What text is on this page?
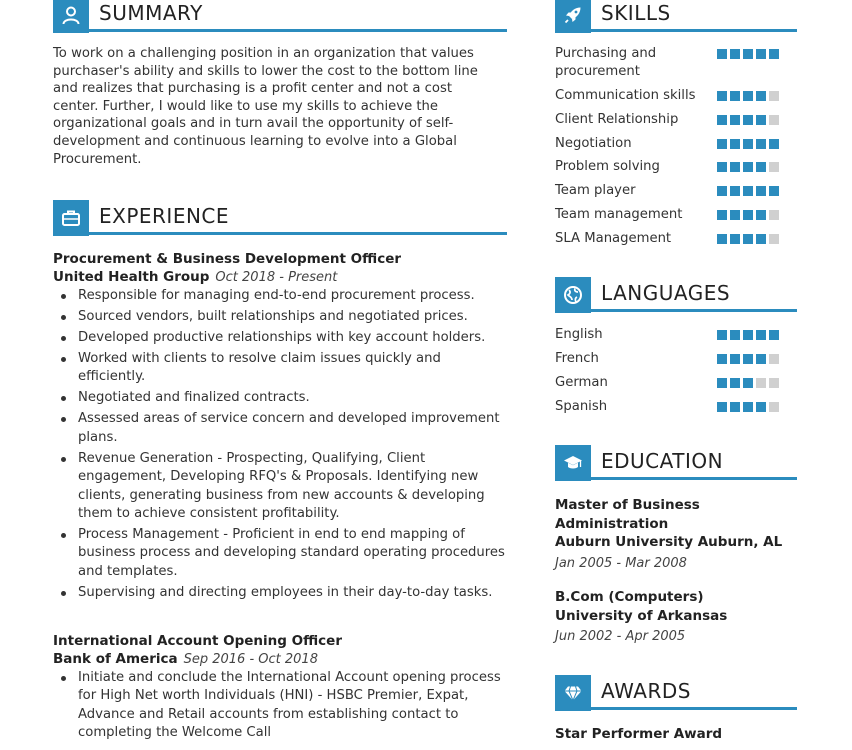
SUMMARY
To work on a challenging position in an organization that values purchaser's ability and skills to lower the cost to the bottom line and realizes that purchasing is a profit center and not a cost center. Further, I would like to use my skills to achieve the organizational goals and in turn avail the opportunity of self-development and continuous learning to evolve into a Global Procurement.
EXPERIENCE
Procurement & Business Development Officer
United Health Group Oct 2018 - Present
Responsible for managing end-to-end procurement process.
Sourced vendors, built relationships and negotiated prices.
Developed productive relationships with key account holders.
Worked with clients to resolve claim issues quickly and efficiently.
Negotiated and finalized contracts.
Assessed areas of service concern and developed improvement plans.
Revenue Generation - Prospecting, Qualifying, Client engagement, Developing RFQ's & Proposals. Identifying new clients, generating business from new accounts & developing them to achieve consistent profitability.
Process Management - Proficient in end to end mapping of business process and developing standard operating procedures and templates.
Supervising and directing employees in their day-to-day tasks.
International Account Opening Officer
Bank of America Sep 2016 - Oct 2018
Initiate and conclude the International Account opening process for High Net worth Individuals (HNI) - HSBC Premier, Expat, Advance and Retail accounts from establishing contact to completing the Welcome Call
SKILLS
Purchasing and procurement
Communication skills
Client Relationship
Negotiation
Problem solving
Team player
Team management
SLA Management
LANGUAGES
English
French
German
Spanish
EDUCATION
Master of Business Administration
Auburn University Auburn, AL
Jan 2005 - Mar 2008
B.Com (Computers)
University of Arkansas
Jun 2002 - Apr 2005
AWARDS
Star Performer Award
